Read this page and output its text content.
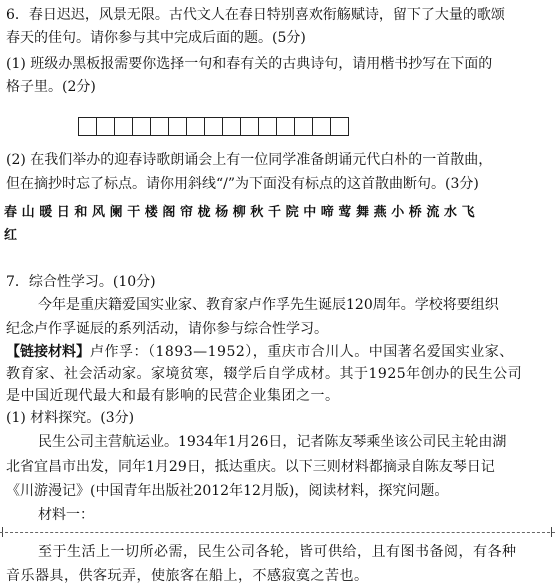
6．春日迟迟，风景无限。古代文人在春日特别喜欢衔觞赋诗，留下了大量的歌颂
春天的佳句。请你参与其中完成后面的题。(5分)
(1) 班级办黑板报需要你选择一句和春有关的古典诗句，请用楷书抄写在下面的
格子里。(2分)
(2) 在我们举办的迎春诗歌朗诵会上有一位同学准备朗诵元代白朴的一首散曲，
但在摘抄时忘了标点。请你用斜线“/”为下面没有标点的这首散曲断句。(3分)
春山暖日和风阑干楼阁帘栊杨柳秋千院中啼莺舞燕小桥流水飞
红
7．综合性学习。(10分)
今年是重庆籍爱国实业家、教育家卢作孚先生诞辰120周年。学校将要组织
纪念卢作孚诞辰的系列活动，请你参与综合性学习。
【链接材料】卢作孚：（1893—1952），重庆市合川人。中国著名爱国实业家、
教育家、社会活动家。家境贫寒，辍学后自学成材。其于1925年创办的民生公司
是中国近现代最大和最有影响的民营企业集团之一。
(1) 材料探究。(3分)
民生公司主营航运业。1934年1月26日，记者陈友琴乘坐该公司民主轮由湖
北省宜昌市出发，同年1月29日，抵达重庆。以下三则材料都摘录自陈友琴日记
《川游漫记》(中国青年出版社2012年12月版)，阅读材料，探究问题。
材料一：
至于生活上一切所必需，民生公司各轮，皆可供给，且有图书备阅，有各种
音乐器具，供客玩弄，使旅客在船上，不感寂寞之苦也。
